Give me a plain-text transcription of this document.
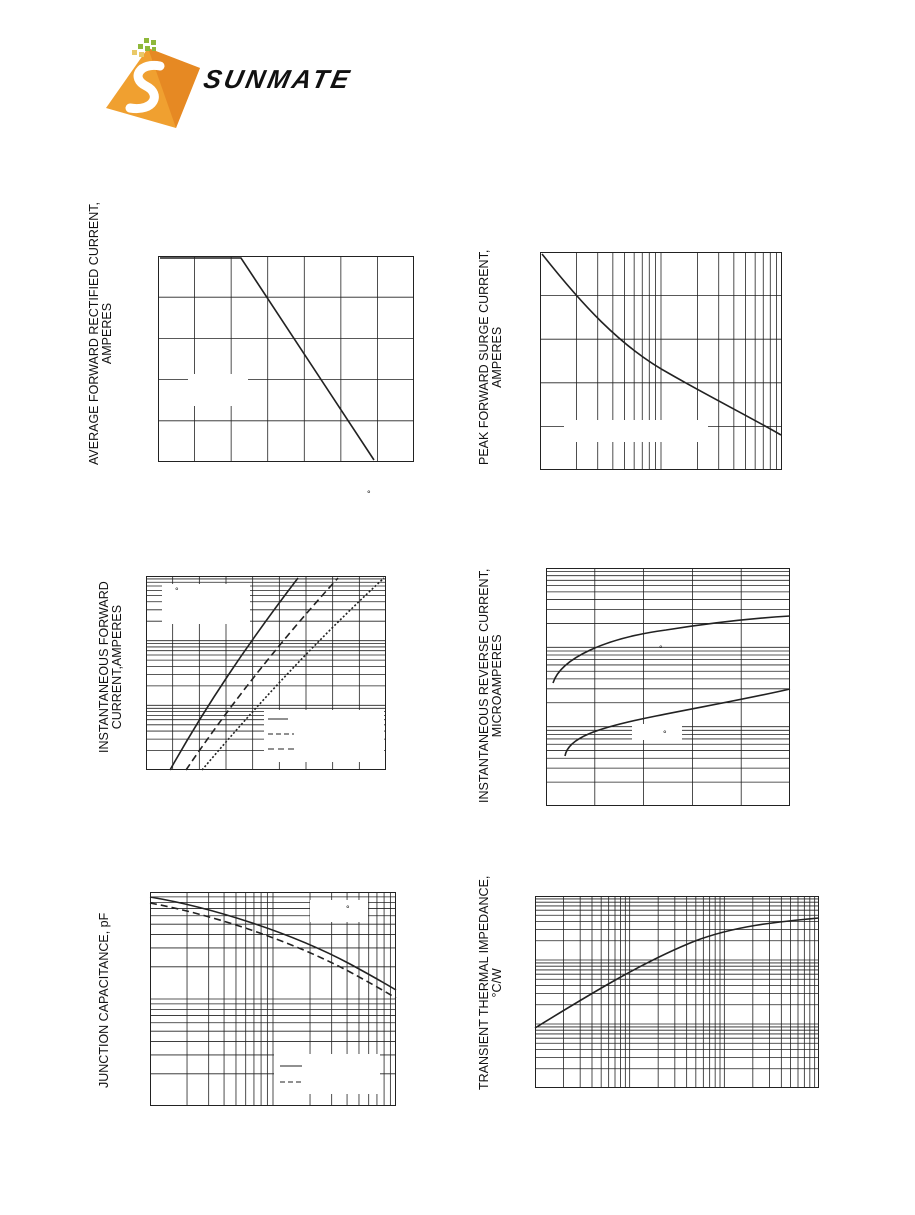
SUNMATE
AVERAGE FORWARD RECTIFIED CURRENT, AMPERES	PEAK FORWARD SURGE CURRENT, AMPERES
INSTANTANEOUS FORWARD CURRENT,AMPERES	INSTANTANEOUS REVERSE CURRENT, MICROAMPERES
JUNCTION CAPACITANCE, pF	TRANSIENT THERMAL IMPEDANCE, °C/W
°
°
°
°
°
